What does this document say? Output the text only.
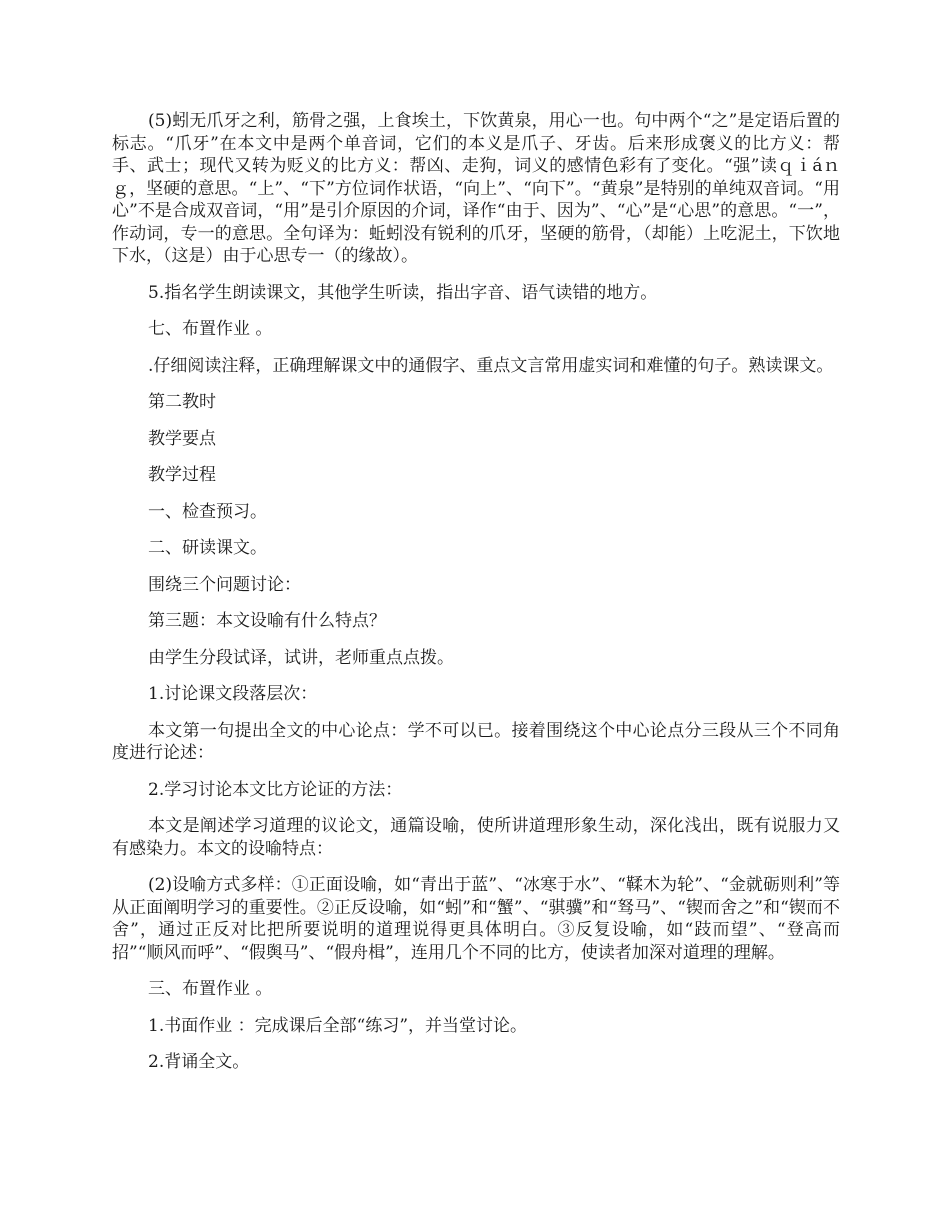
(5)蚓无爪牙之利，筋骨之强，上食埃土，下饮黄泉，用心一也。句中两个“之”是定语后置的标志。“爪牙”在本文中是两个单音词，它们的本义是爪子、牙齿。后来形成褒义的比方义：帮手、武士；现代又转为贬义的比方义：帮凶、走狗，词义的感情色彩有了变化。“强”读ｑｉáｎｇ，坚硬的意思。“上”、“下”方位词作状语，“向上”、“向下”。“黄泉”是特别的单纯双音词。“用心”不是合成双音词，“用”是引介原因的介词，译作“由于、因为”、“心”是“心思”的意思。“一”，作动词，专一的意思。全句译为：蚯蚓没有锐利的爪牙，坚硬的筋骨，（却能）上吃泥土，下饮地下水，（这是）由于心思专一（的缘故）。

5.指名学生朗读课文，其他学生听读，指出字音、语气读错的地方。

七、布置作业 。

.仔细阅读注释，正确理解课文中的通假字、重点文言常用虚实词和难懂的句子。熟读课文。

第二教时

教学要点

教学过程

一、检查预习。

二、研读课文。

围绕三个问题讨论：

第三题：本文设喻有什么特点？

由学生分段试译，试讲，老师重点点拨。

1.讨论课文段落层次：

本文第一句提出全文的中心论点：学不可以已。接着围绕这个中心论点分三段从三个不同角度进行论述：

2.学习讨论本文比方论证的方法：

本文是阐述学习道理的议论文，通篇设喻，使所讲道理形象生动，深化浅出，既有说服力又有感染力。本文的设喻特点：

(2)设喻方式多样：①正面设喻，如“青出于蓝”、“冰寒于水”、“鞣木为轮”、“金就砺则利”等从正面阐明学习的重要性。②正反设喻，如“蚓”和“蟹”、“骐骥”和“驽马”、“锲而舍之”和“锲而不舍”，通过正反对比把所要说明的道理说得更具体明白。③反复设喻，如“跂而望”、“登高而招”“顺风而呼”、“假舆马”、“假舟楫”，连用几个不同的比方，使读者加深对道理的理解。

三、布置作业 。

1.书面作业 ：完成课后全部“练习”，并当堂讨论。

2.背诵全文。
